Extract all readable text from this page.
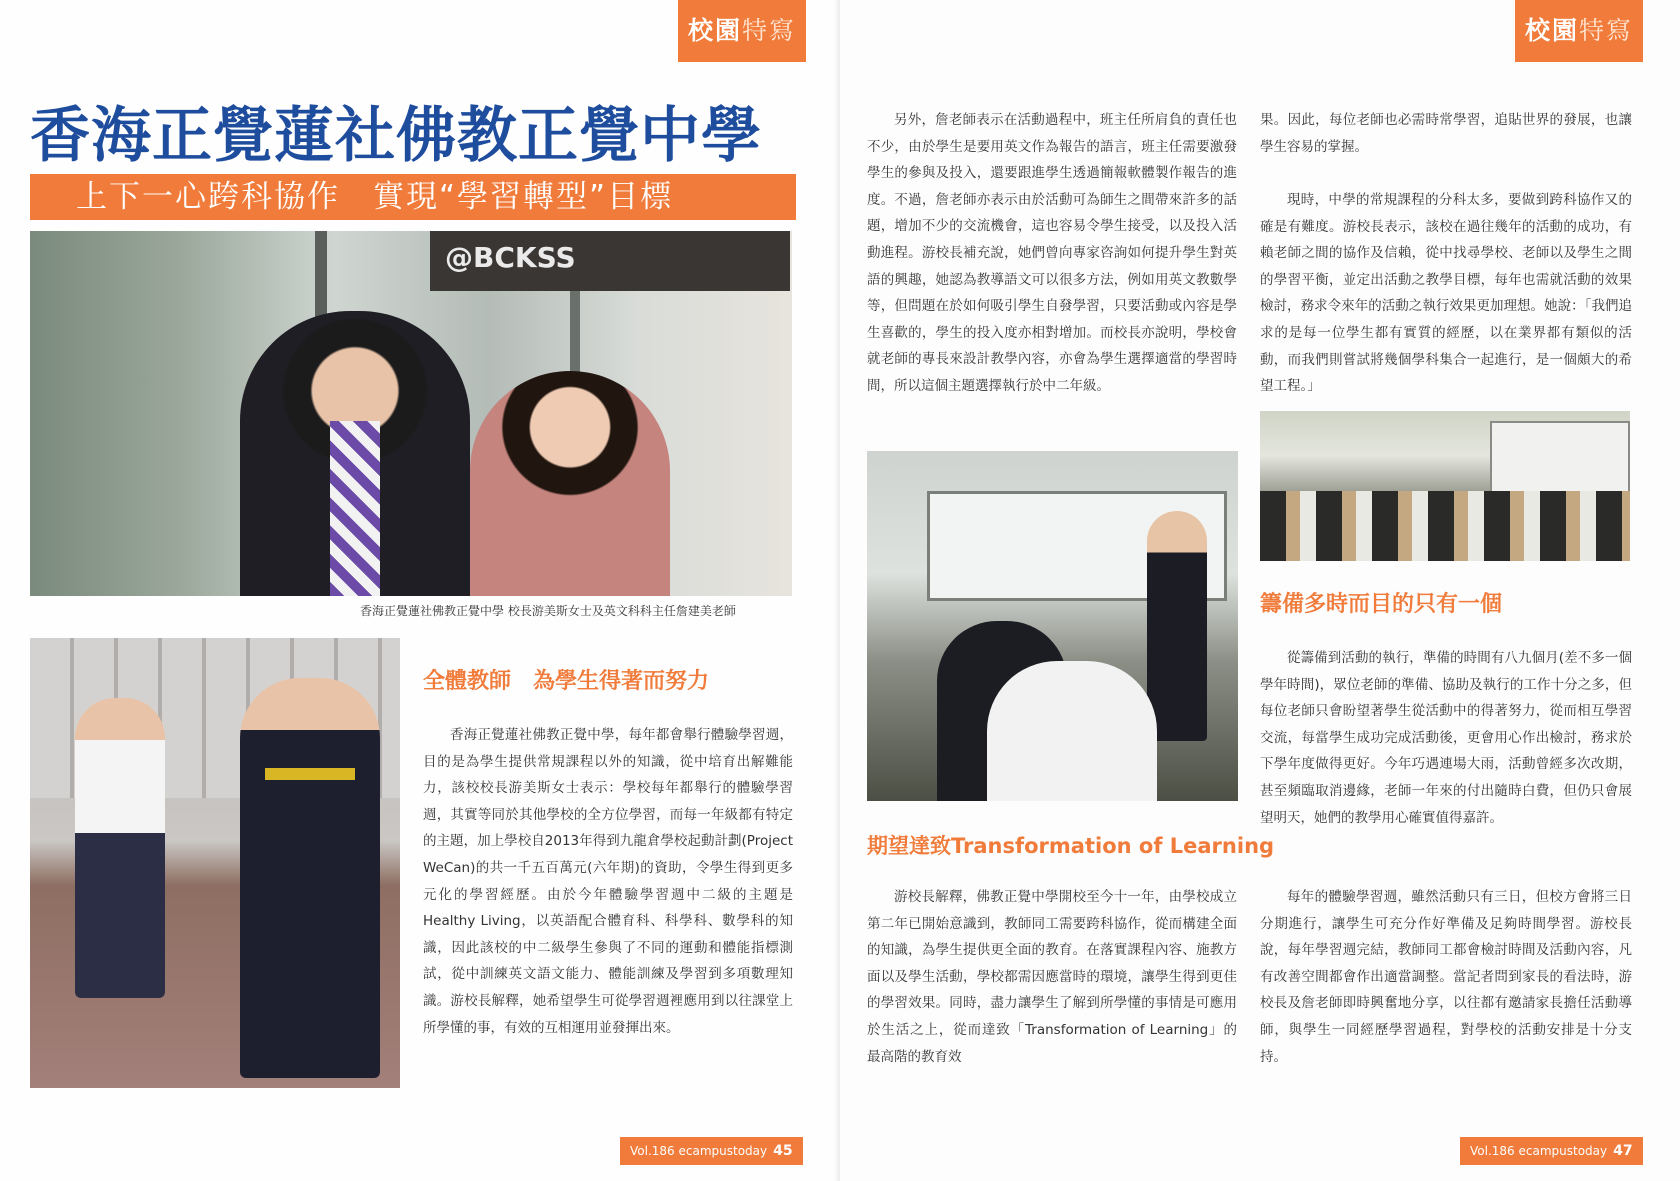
校園特寫
香海正覺蓮社佛教正覺中學
上下一心跨科協作　實現“學習轉型”目標
@BCKSS
香海正覺蓮社佛教正覺中學 校長游美斯女士及英文科科主任詹建美老師
全體教師　為學生得著而努力

香海正覺蓮社佛教正覺中學，每年都會舉行體驗學習週，目的是為學生提供常規課程以外的知識，從中培育出解難能力，該校校長游美斯女士表示：學校每年都舉行的體驗學習週，其實等同於其他學校的全方位學習，而每一年級都有特定的主題，加上學校自2013年得到九龍倉學校起動計劃(Project WeCan)的共一千五百萬元(六年期)的資助，令學生得到更多元化的學習經歷。由於今年體驗學習週中二級的主題是Healthy Living，以英語配合體育科、科學科、數學科的知識，因此該校的中二級學生參與了不同的運動和體能指標測試，從中訓練英文語文能力、體能訓練及學習到多項數理知識。游校長解釋，她希望學生可從學習週裡應用到以往課堂上所學懂的事，有效的互相運用並發揮出來。

Vol.186 ecampustoday 45
校園特寫

另外，詹老師表示在活動過程中，班主任所肩負的責任也不少，由於學生是要用英文作為報告的語言，班主任需要激發學生的參與及投入，還要跟進學生透過簡報軟體製作報告的進度。不過，詹老師亦表示由於活動可為師生之間帶來許多的話題，增加不少的交流機會，這也容易令學生接受，以及投入活動進程。游校長補充說，她們曾向專家咨詢如何提升學生對英語的興趣，她認為教導語文可以很多方法，例如用英文教數學等，但問題在於如何吸引學生自發學習，只要活動或內容是學生喜歡的，學生的投入度亦相對增加。而校長亦說明，學校會就老師的專長來設計教學內容，亦會為學生選擇適當的學習時間，所以這個主題選擇執行於中二年級。

期望達致Transformation of Learning

游校長解釋，佛教正覺中學開校至今十一年，由學校成立第二年已開始意識到，教師同工需要跨科協作，從而構建全面的知識，為學生提供更全面的教育。在落實課程內容、施教方面以及學生活動，學校都需因應當時的環境，讓學生得到更佳的學習效果。同時，盡力讓學生了解到所學懂的事情是可應用於生活之上，從而達致「Transformation of Learning」的最高階的教育效

果。因此，每位老師也必需時常學習，追貼世界的發展，也讓學生容易的掌握。

現時，中學的常規課程的分科太多，要做到跨科協作又的確是有難度。游校長表示，該校在過往幾年的活動的成功，有賴老師之間的協作及信賴，從中找尋學校、老師以及學生之間的學習平衡，並定出活動之教學目標，每年也需就活動的效果檢討，務求令來年的活動之執行效果更加理想。她說：「我們追求的是每一位學生都有實質的經歷，以在業界都有類似的活動，而我們則嘗試將幾個學科集合一起進行，是一個頗大的希望工程。」

籌備多時而目的只有一個

從籌備到活動的執行，準備的時間有八九個月(差不多一個學年時間)，眾位老師的準備、協助及執行的工作十分之多，但每位老師只會盼望著學生從活動中的得著努力，從而相互學習交流，每當學生成功完成活動後，更會用心作出檢討，務求於下學年度做得更好。今年巧遇連場大雨，活動曾經多次改期，甚至頻臨取消邊緣，老師一年來的付出隨時白費，但仍只會展望明天，她們的教學用心確實值得嘉許。

每年的體驗學習週，雖然活動只有三日，但校方會將三日分期進行，讓學生可充分作好準備及足夠時間學習。游校長說，每年學習週完結，教師同工都會檢討時間及活動內容，凡有改善空間都會作出適當調整。當記者問到家長的看法時，游校長及詹老師即時興奮地分享，以往都有邀請家長擔任活動導師，與學生一同經歷學習過程，對學校的活動安排是十分支持。

Vol.186 ecampustoday 47
